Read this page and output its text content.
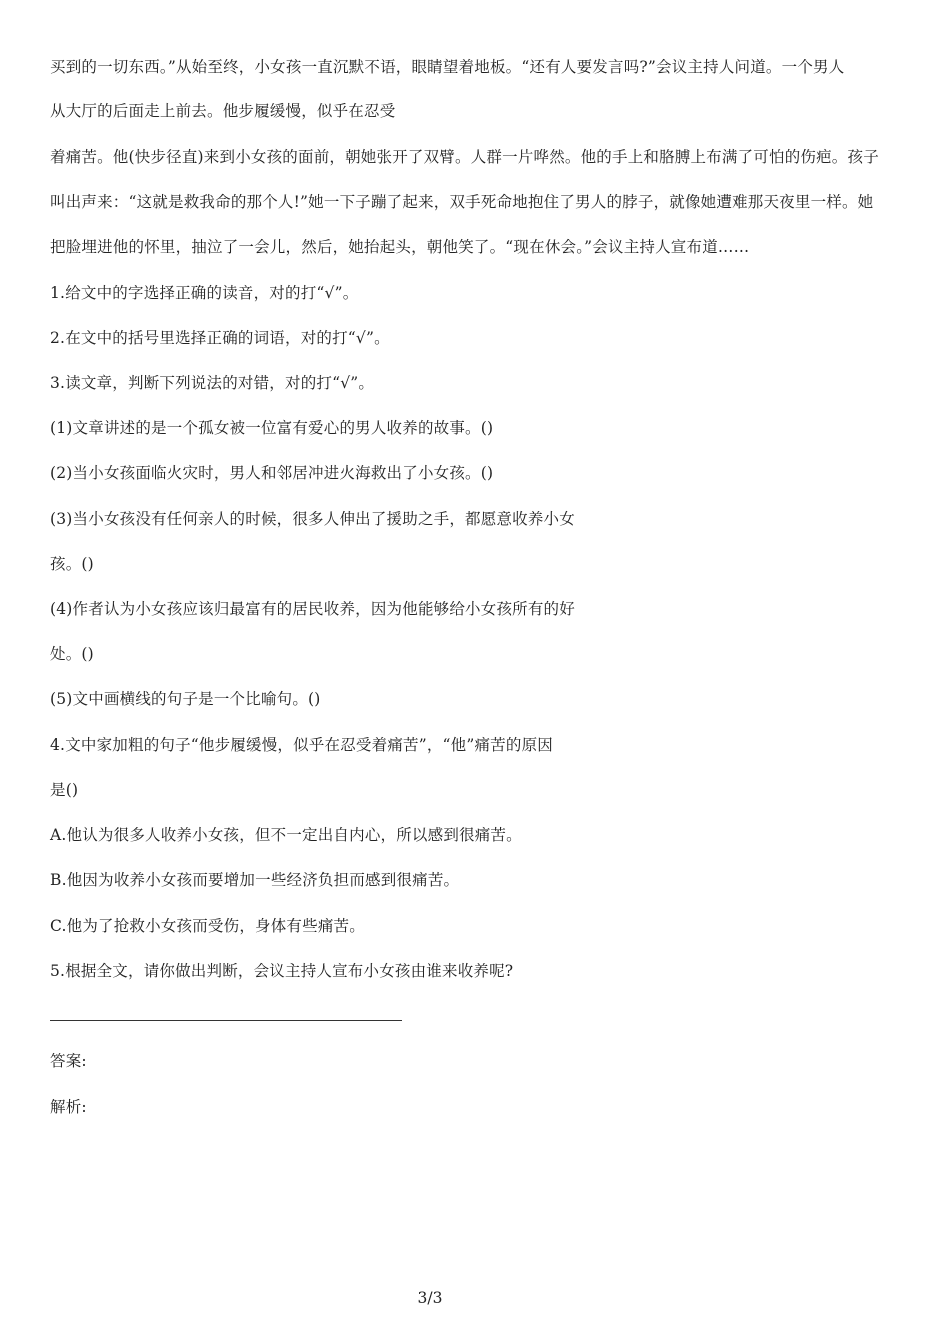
买到的一切东西。”从始至终，小女孩一直沉默不语，眼睛望着地板。“还有人要发言吗?”会议主持人问道。一个男人
从大厅的后面走上前去。他步履缓慢，似乎在忍受
着痛苦。他(快步径直)来到小女孩的面前，朝她张开了双臂。人群一片哗然。他的手上和胳膊上布满了可怕的伤疤。孩子
叫出声来：“这就是救我命的那个人!”她一下子蹦了起来，双手死命地抱住了男人的脖子，就像她遭难那天夜里一样。她
把脸埋进他的怀里，抽泣了一会儿，然后，她抬起头，朝他笑了。“现在休会。”会议主持人宣布道……
1.给文中的字选择正确的读音，对的打“√”。
2.在文中的括号里选择正确的词语，对的打“√”。
3.读文章，判断下列说法的对错，对的打“√”。
(1)文章讲述的是一个孤女被一位富有爱心的男人收养的故事。()
(2)当小女孩面临火灾时，男人和邻居冲进火海救出了小女孩。()
(3)当小女孩没有任何亲人的时候，很多人伸出了援助之手，都愿意收养小女
孩。()
(4)作者认为小女孩应该归最富有的居民收养，因为他能够给小女孩所有的好
处。()
(5)文中画横线的句子是一个比喻句。()
4.文中家加粗的句子“他步履缓慢，似乎在忍受着痛苦”，“他”痛苦的原因
是()
A.他认为很多人收养小女孩，但不一定出自内心，所以感到很痛苦。
B.他因为收养小女孩而要增加一些经济负担而感到很痛苦。
C.他为了抢救小女孩而受伤，身体有些痛苦。
5.根据全文，请你做出判断，会议主持人宣布小女孩由谁来收养呢?
答案:
解析:
3/3
